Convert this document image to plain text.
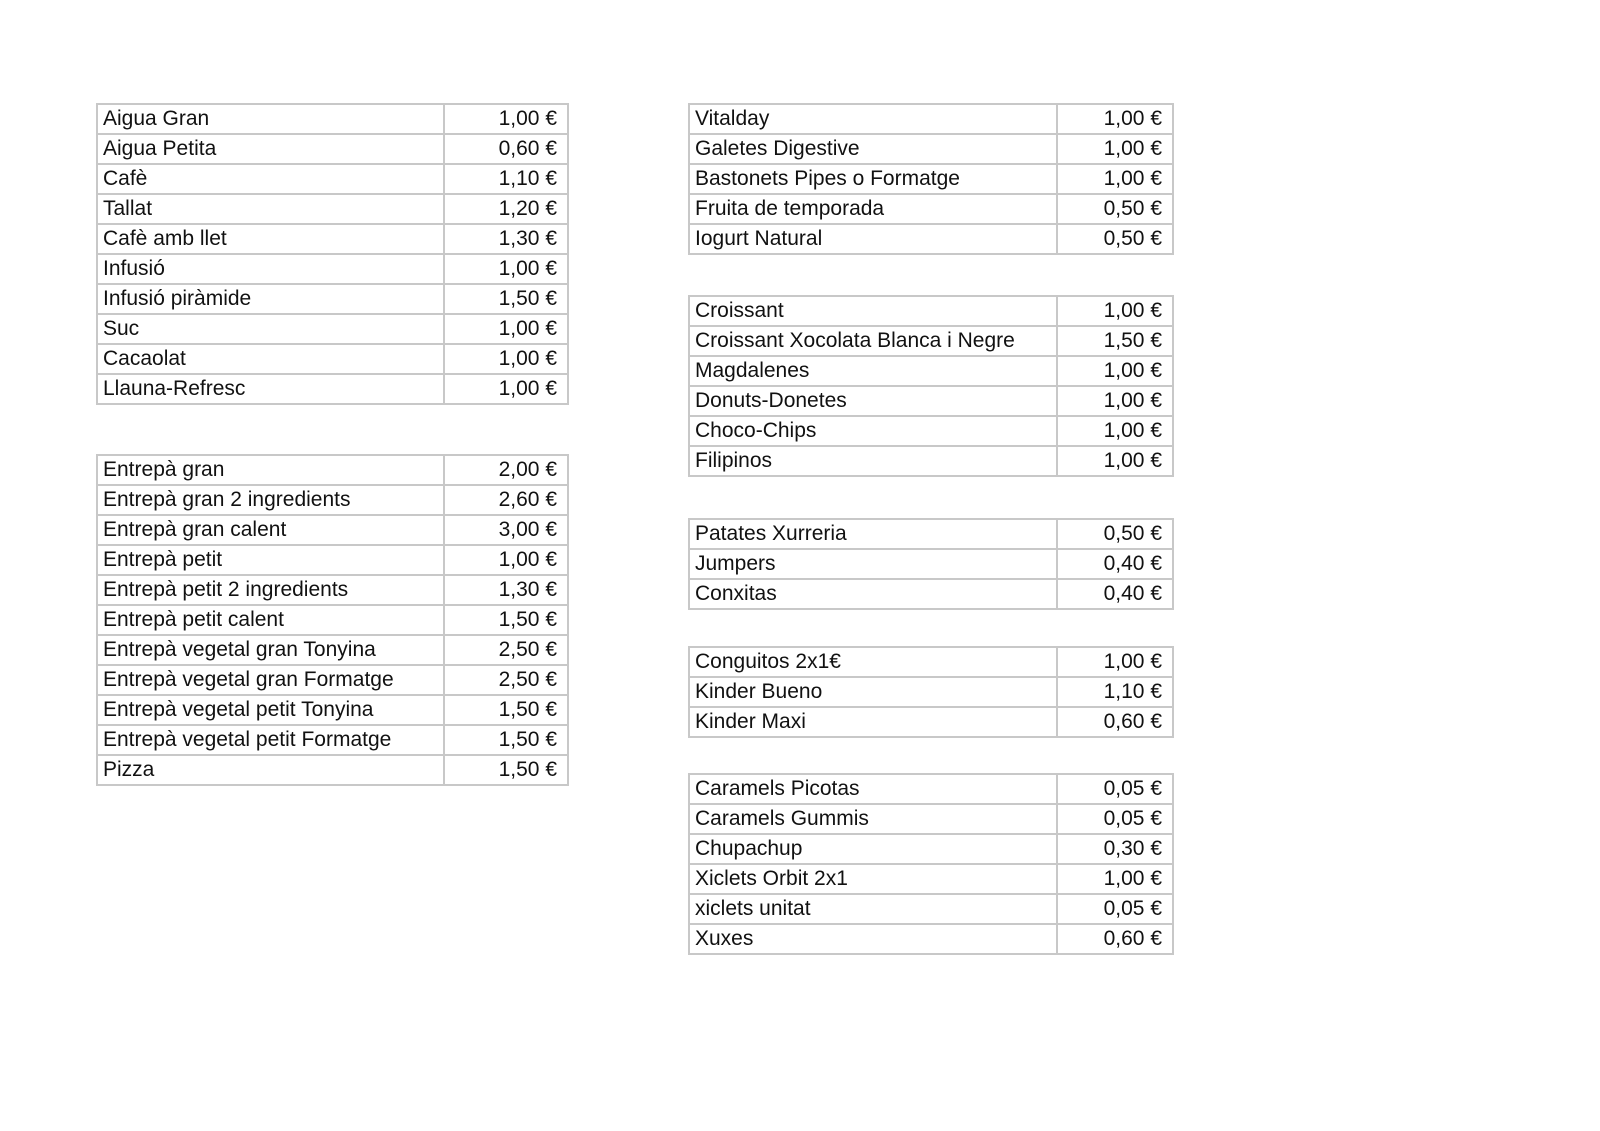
Aigua Gran	1,00 €
Aigua Petita	0,60 €
Cafè	1,10 €
Tallat	1,20 €
Cafè amb llet	1,30 €
Infusió	1,00 €
Infusió piràmide	1,50 €
Suc	1,00 €
Cacaolat	1,00 €
Llauna-Refresc	1,00 €
Entrepà gran	2,00 €
Entrepà gran 2 ingredients	2,60 €
Entrepà gran calent	3,00 €
Entrepà petit	1,00 €
Entrepà petit 2 ingredients	1,30 €
Entrepà petit calent	1,50 €
Entrepà vegetal gran Tonyina	2,50 €
Entrepà vegetal gran Formatge	2,50 €
Entrepà vegetal petit Tonyina	1,50 €
Entrepà vegetal petit Formatge	1,50 €
Pizza	1,50 €
Vitalday	1,00 €
Galetes Digestive	1,00 €
Bastonets Pipes o Formatge	1,00 €
Fruita de temporada	0,50 €
Iogurt Natural	0,50 €
Croissant	1,00 €
Croissant Xocolata Blanca i Negre	1,50 €
Magdalenes	1,00 €
Donuts-Donetes	1,00 €
Choco-Chips	1,00 €
Filipinos	1,00 €
Patates Xurreria	0,50 €
Jumpers	0,40 €
Conxitas	0,40 €
Conguitos 2x1€	1,00 €
Kinder Bueno	1,10 €
Kinder Maxi	0,60 €
Caramels Picotas	0,05 €
Caramels Gummis	0,05 €
Chupachup	0,30 €
Xiclets Orbit 2x1	1,00 €
xiclets unitat	0,05 €
Xuxes	0,60 €
